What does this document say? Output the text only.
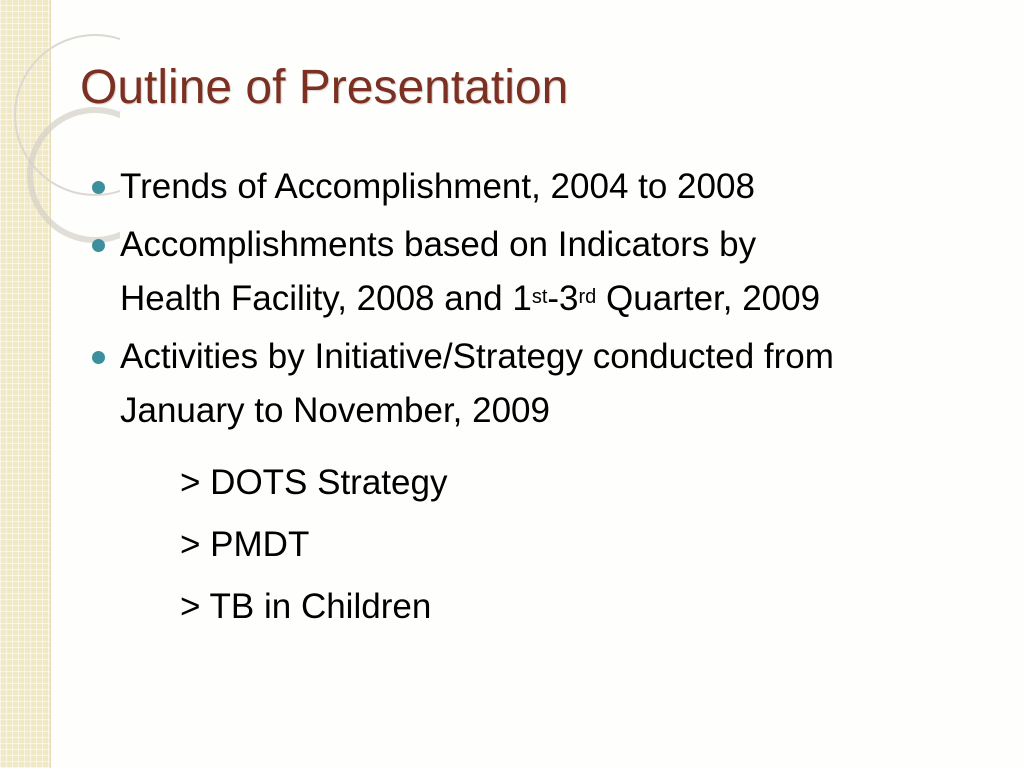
Outline of Presentation
Trends of Accomplishment, 2004 to 2008
Accomplishments based on Indicators by
Health Facility, 2008 and 1st-3rd Quarter, 2009
Activities by Initiative/Strategy conducted from
January to November, 2009
> DOTS Strategy
> PMDT
> TB in Children
